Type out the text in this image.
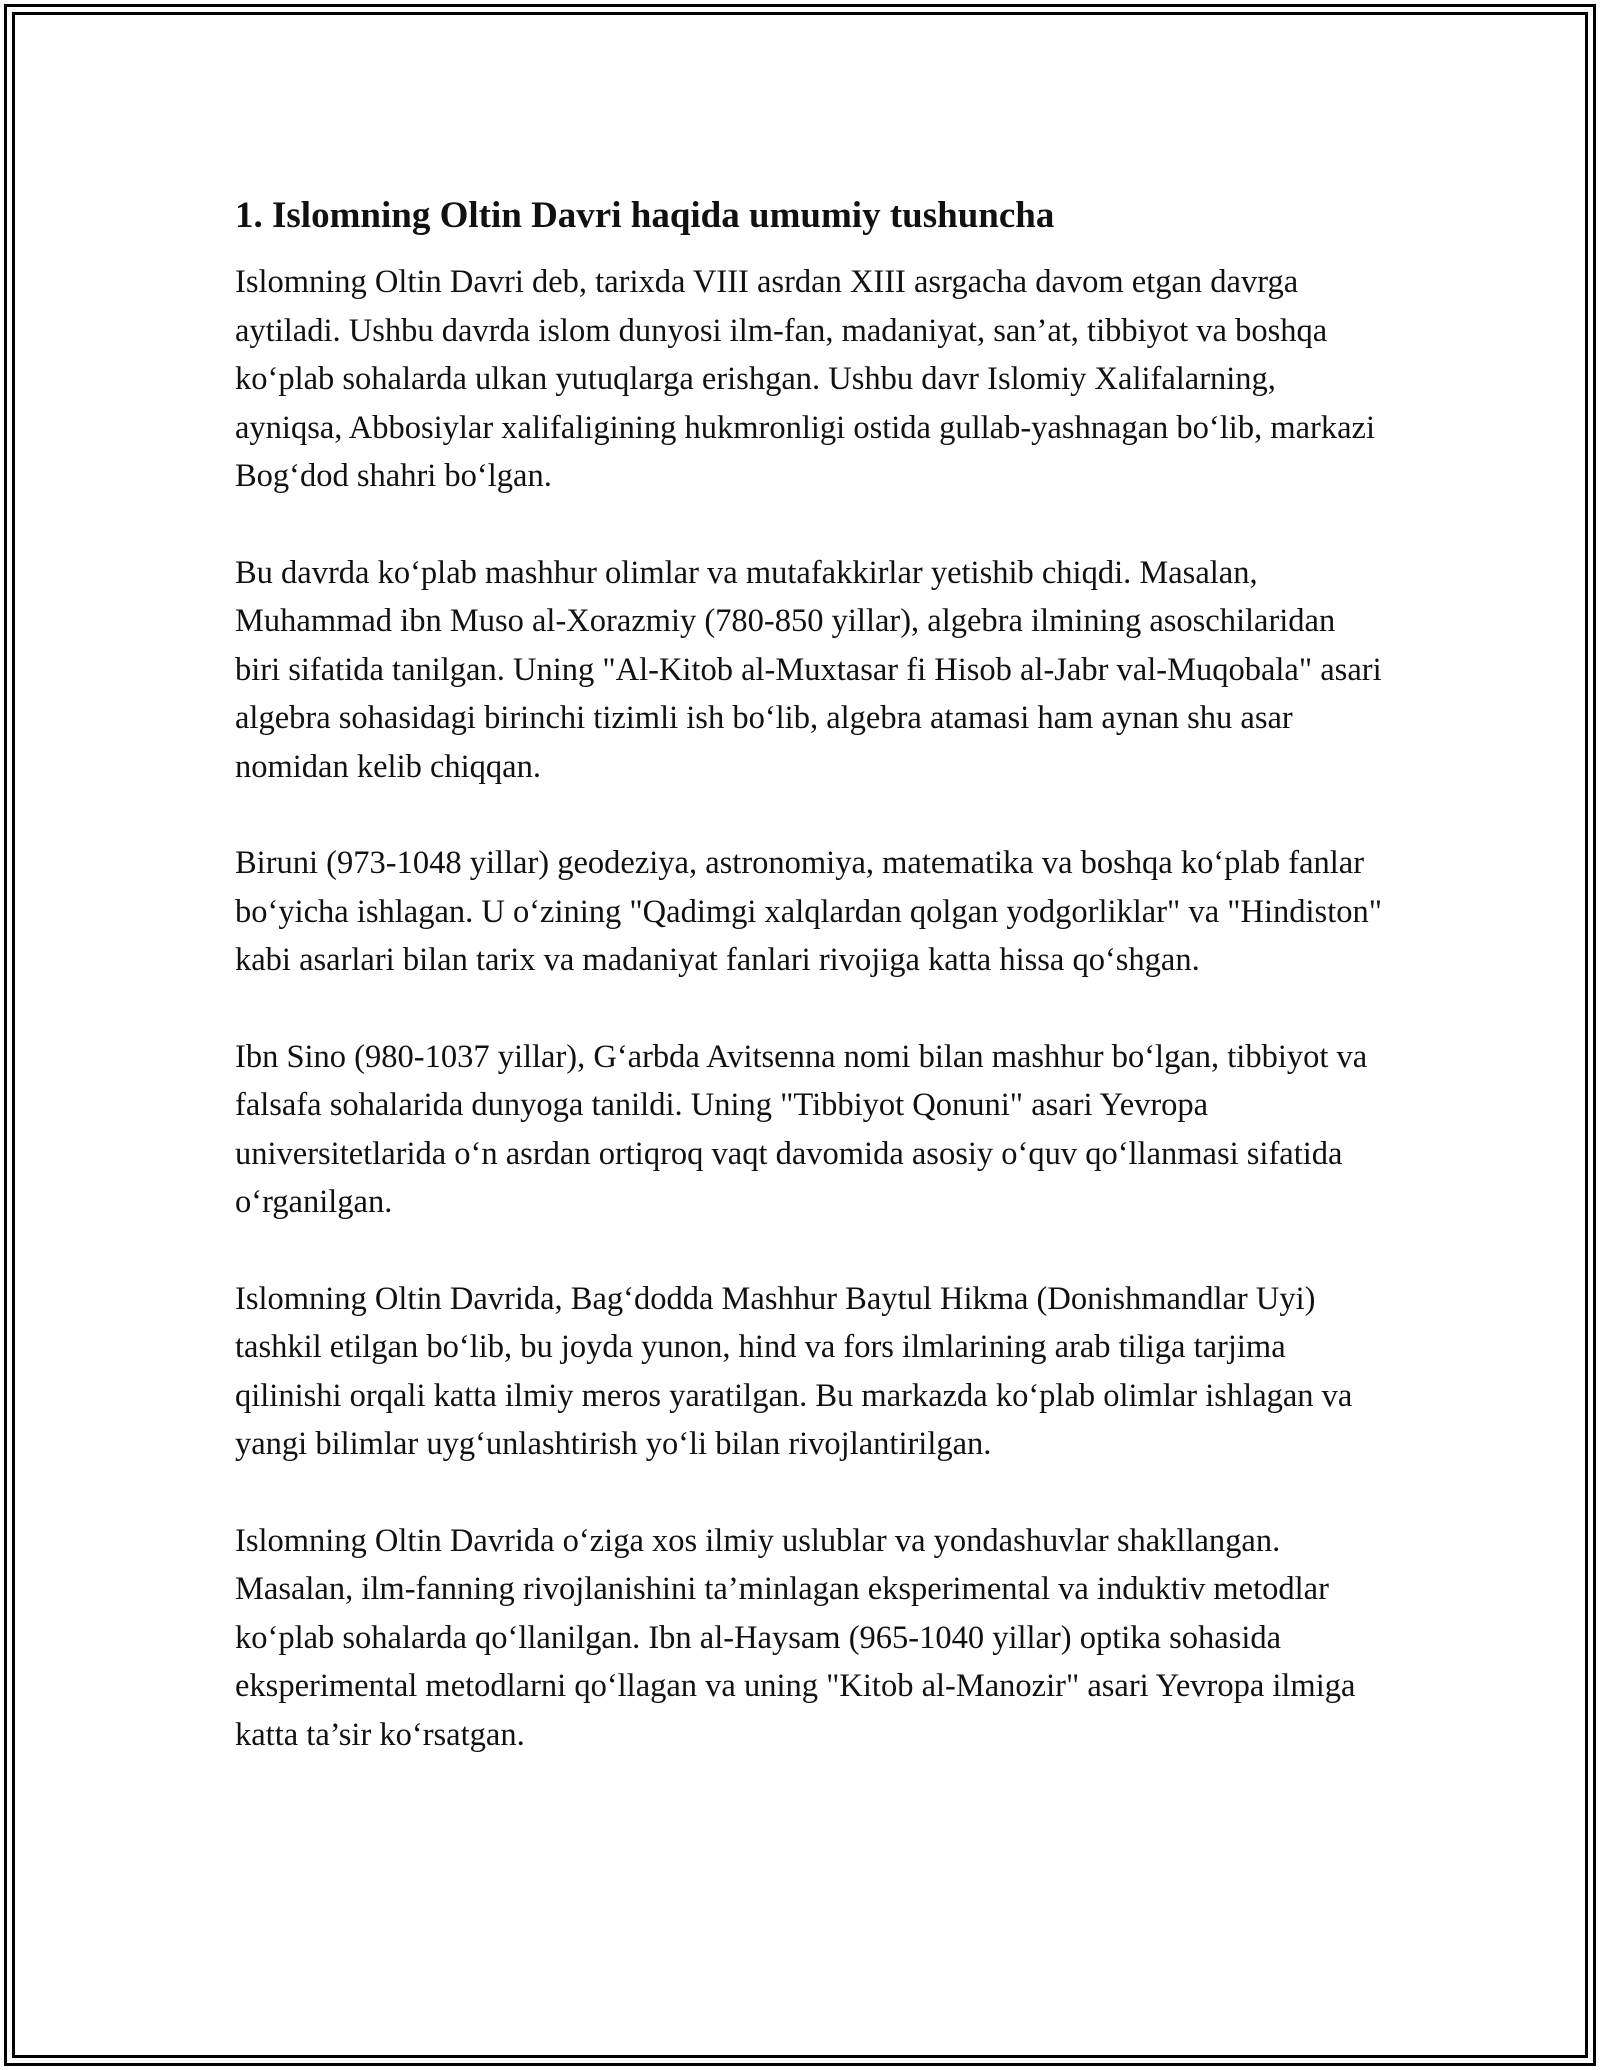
1. Islomning Oltin Davri haqida umumiy tushuncha

Islomning Oltin Davri deb, tarixda VIII asrdan XIII asrgacha davom etgan davrga aytiladi. Ushbu davrda islom dunyosi ilm-fan, madaniyat, san’at, tibbiyot va boshqa ko‘plab sohalarda ulkan yutuqlarga erishgan. Ushbu davr Islomiy Xalifalarning, ayniqsa, Abbosiylar xalifaligining hukmronligi ostida gullab-yashnagan bo‘lib, markazi Bog‘dod shahri bo‘lgan.

Bu davrda ko‘plab mashhur olimlar va mutafakkirlar yetishib chiqdi. Masalan, Muhammad ibn Muso al-Xorazmiy (780-850 yillar), algebra ilmining asoschilaridan biri sifatida tanilgan. Uning "Al-Kitob al-Muxtasar fi Hisob al-Jabr val-Muqobala" asari algebra sohasidagi birinchi tizimli ish bo‘lib, algebra atamasi ham aynan shu asar nomidan kelib chiqqan.

Biruni (973-1048 yillar) geodeziya, astronomiya, matematika va boshqa ko‘plab fanlar bo‘yicha ishlagan. U o‘zining "Qadimgi xalqlardan qolgan yodgorliklar" va "Hindiston" kabi asarlari bilan tarix va madaniyat fanlari rivojiga katta hissa qo‘shgan.

Ibn Sino (980-1037 yillar), G‘arbda Avitsenna nomi bilan mashhur bo‘lgan, tibbiyot va falsafa sohalarida dunyoga tanildi. Uning "Tibbiyot Qonuni" asari Yevropa universitetlarida o‘n asrdan ortiqroq vaqt davomida asosiy o‘quv qo‘llanmasi sifatida o‘rganilgan.

Islomning Oltin Davrida, Bag‘dodda Mashhur Baytul Hikma (Donishmandlar Uyi) tashkil etilgan bo‘lib, bu joyda yunon, hind va fors ilmlarining arab tiliga tarjima qilinishi orqali katta ilmiy meros yaratilgan. Bu markazda ko‘plab olimlar ishlagan va yangi bilimlar uyg‘unlashtirish yo‘li bilan rivojlantirilgan.

Islomning Oltin Davrida o‘ziga xos ilmiy uslublar va yondashuvlar shakllangan. Masalan, ilm-fanning rivojlanishini ta’minlagan eksperimental va induktiv metodlar ko‘plab sohalarda qo‘llanilgan. Ibn al-Haysam (965-1040 yillar) optika sohasida eksperimental metodlarni qo‘llagan va uning "Kitob al-Manozir" asari Yevropa ilmiga katta ta’sir ko‘rsatgan.
